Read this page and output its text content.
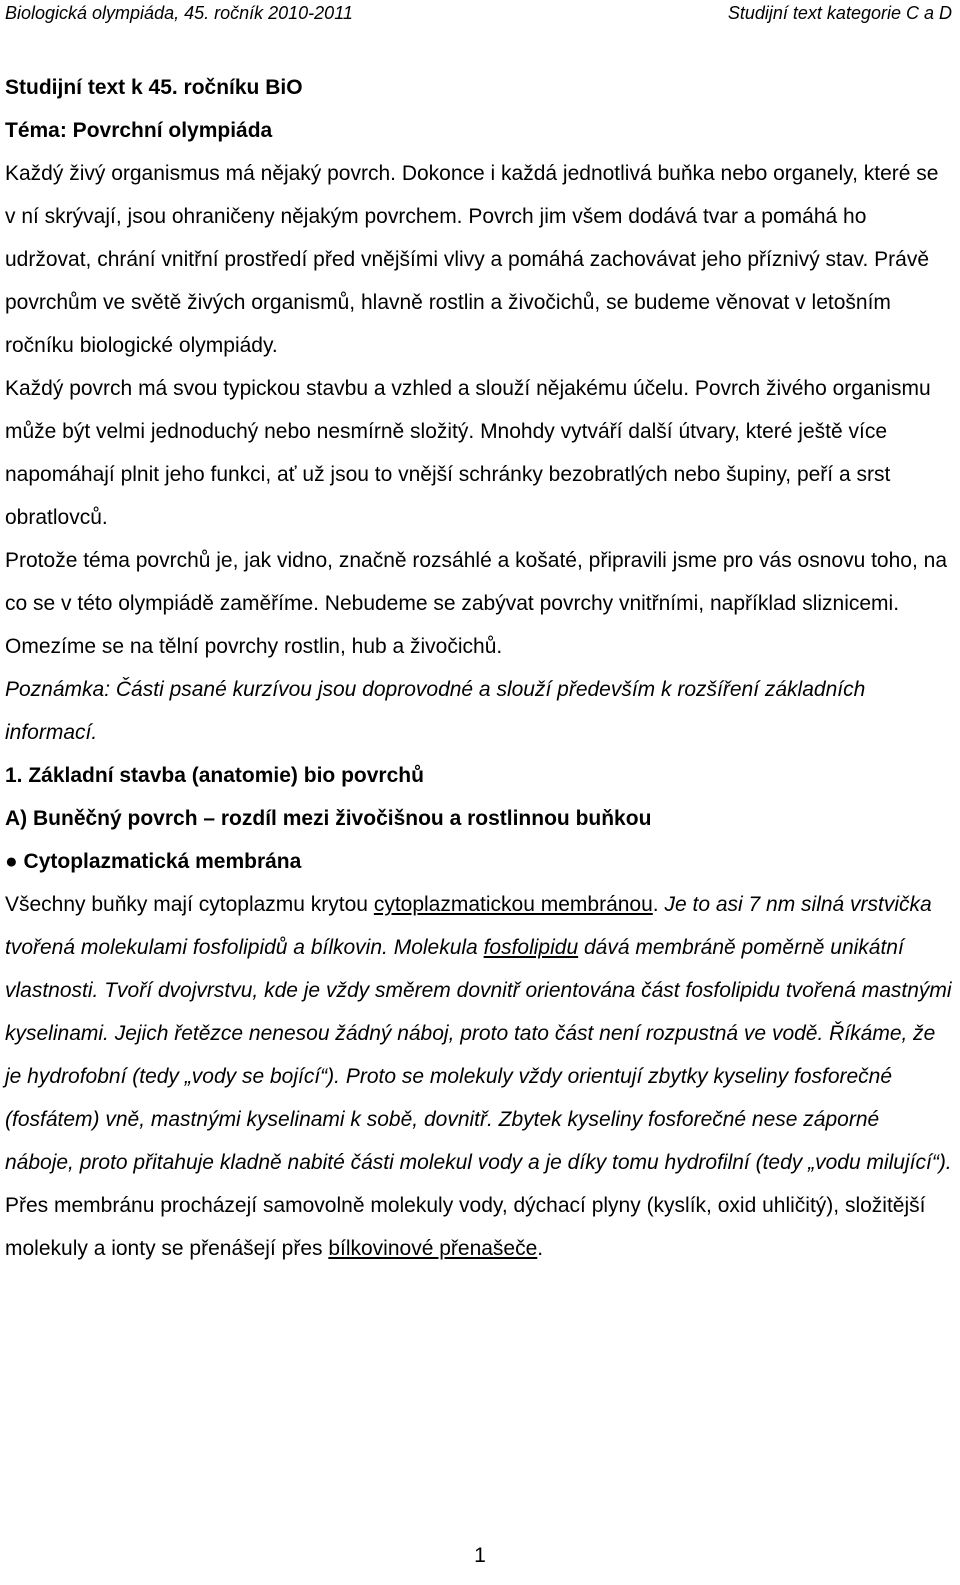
Biologická olympiáda, 45. ročník 2010-2011	Studijní text kategorie C a D

Studijní text k 45. ročníku BiO

Téma: Povrchní olympiáda

Každý živý organismus má nějaký povrch. Dokonce i každá jednotlivá buňka nebo organely, které se v ní skrývají, jsou ohraničeny nějakým povrchem. Povrch jim všem dodává tvar a pomáhá ho udržovat, chrání vnitřní prostředí před vnějšími vlivy a pomáhá zachovávat jeho příznivý stav. Právě povrchům ve světě živých organismů, hlavně rostlin a živočichů, se budeme věnovat v letošním ročníku biologické olympiády.

Každý povrch má svou typickou stavbu a vzhled a slouží nějakému účelu. Povrch živého organismu může být velmi jednoduchý nebo nesmírně složitý. Mnohdy vytváří další útvary, které ještě více napomáhají plnit jeho funkci, ať už jsou to vnější schránky bezobratlých nebo šupiny, peří a srst obratlovců.

Protože téma povrchů je, jak vidno, značně rozsáhlé a košaté, připravili jsme pro vás osnovu toho, na co se v této olympiádě zaměříme. Nebudeme se zabývat povrchy vnitřními, například sliznicemi. Omezíme se na tělní povrchy rostlin, hub a živočichů.

Poznámka: Části psané kurzívou jsou doprovodné a slouží především k rozšíření základních informací.

1. Základní stavba (anatomie) bio povrchů

A) Buněčný povrch – rozdíl mezi živočišnou a rostlinnou buňkou

● Cytoplazmatická membrána

Všechny buňky mají cytoplazmu krytou cytoplazmatickou membránou. Je to asi 7 nm silná vrstvička tvořená molekulami fosfolipidů a bílkovin. Molekula fosfolipidu dává membráně poměrně unikátní vlastnosti. Tvoří dvojvrstvu, kde je vždy směrem dovnitř orientována část fosfolipidu tvořená mastnými kyselinami. Jejich řetězce nenesou žádný náboj, proto tato část není rozpustná ve vodě. Říkáme, že je hydrofobní (tedy „vody se bojící“). Proto se molekuly vždy orientují zbytky kyseliny fosforečné (fosfátem) vně, mastnými kyselinami k sobě, dovnitř. Zbytek kyseliny fosforečné nese záporné náboje, proto přitahuje kladně nabité části molekul vody a je díky tomu hydrofilní (tedy „vodu milující“).

Přes membránu procházejí samovolně molekuly vody, dýchací plyny (kyslík, oxid uhličitý), složitější molekuly a ionty se přenášejí přes bílkovinové přenašeče.

1
